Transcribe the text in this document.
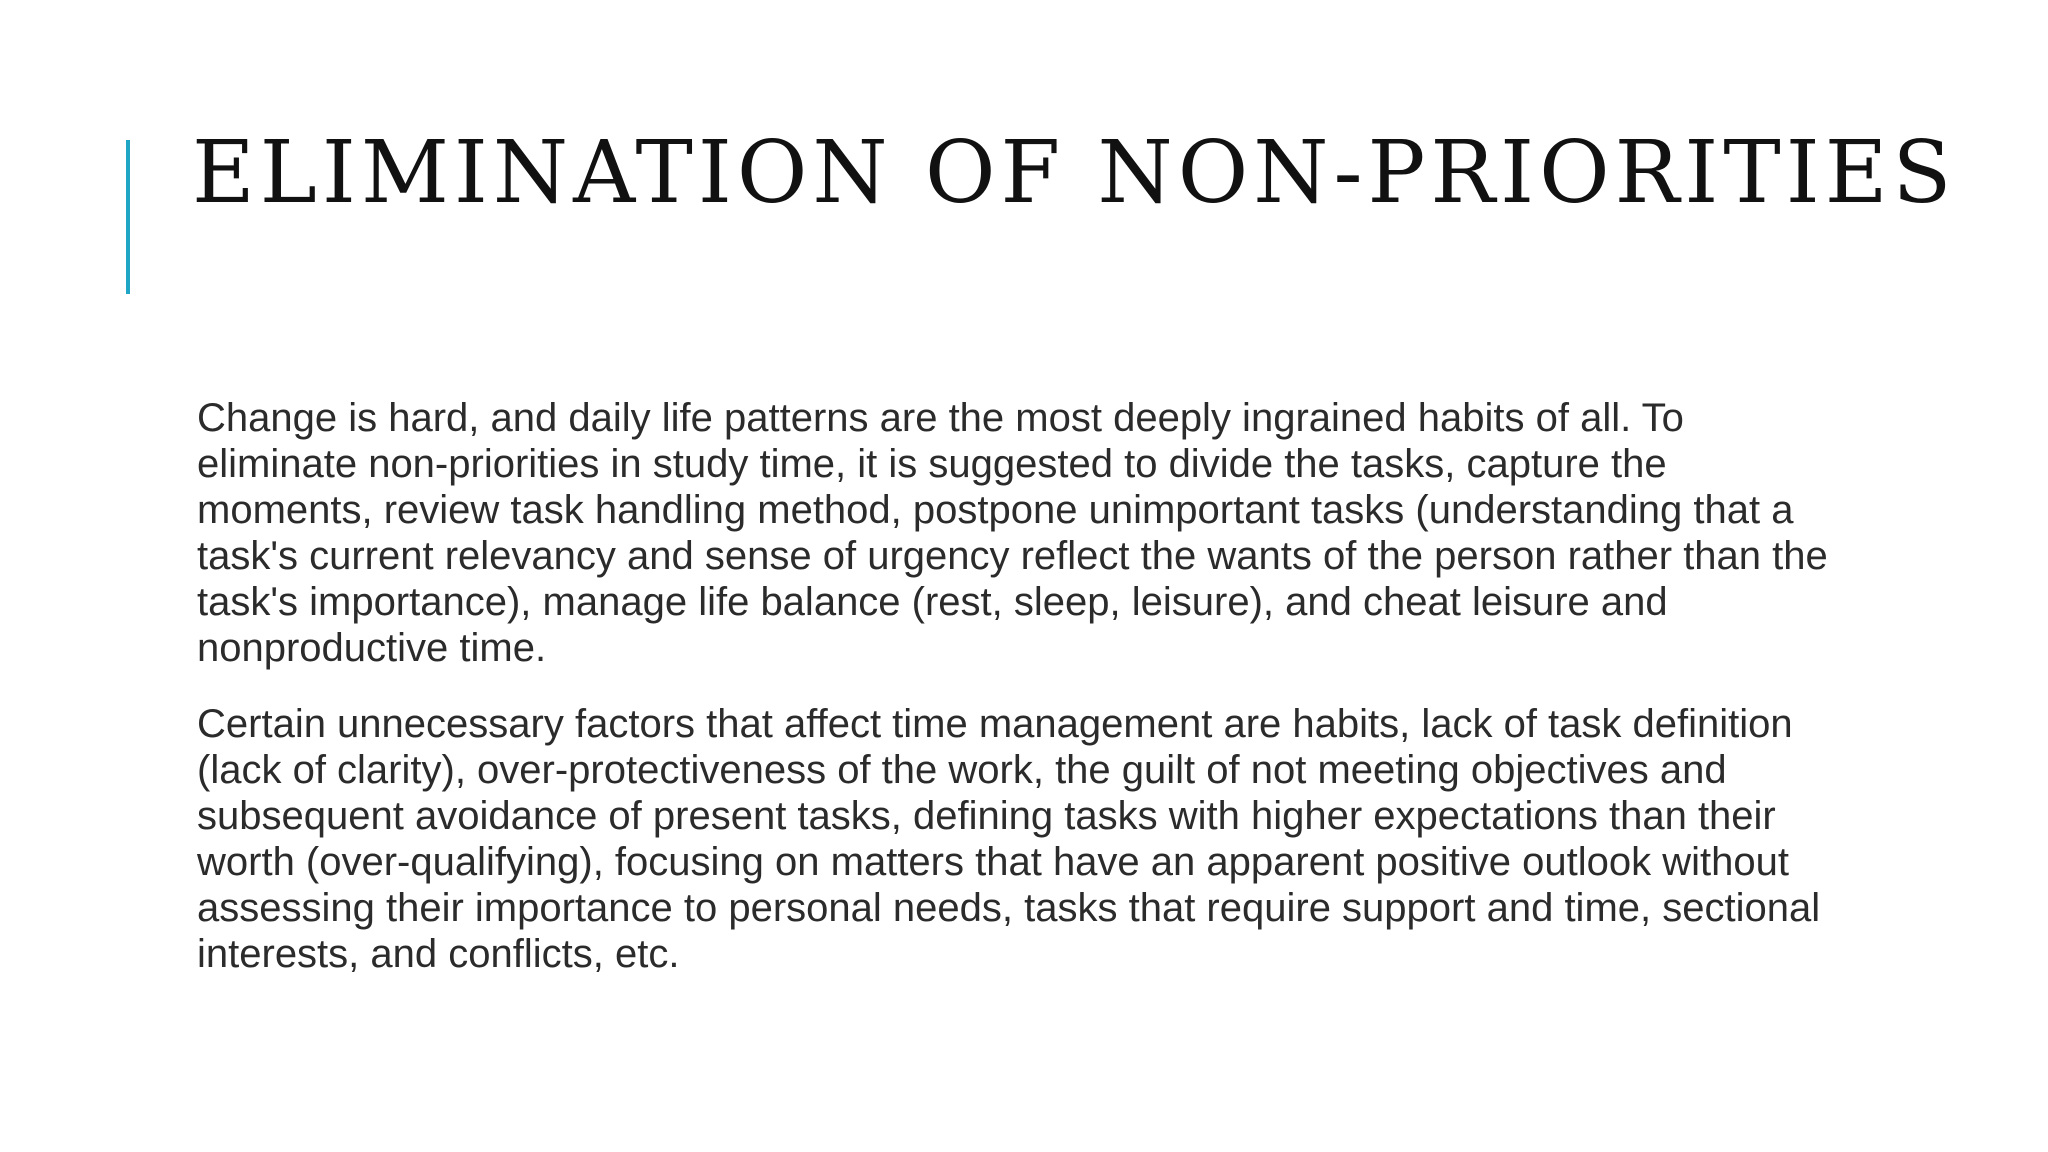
ELIMINATION OF NON-PRIORITIES

Change is hard, and daily life patterns are the most deeply ingrained habits of all. To eliminate non-priorities in study time, it is suggested to divide the tasks, capture the moments, review task handling method, postpone unimportant tasks (understanding that a task's current relevancy and sense of urgency reflect the wants of the person rather than the task's importance), manage life balance (rest, sleep, leisure), and cheat leisure and nonproductive time.

Certain unnecessary factors that affect time management are habits, lack of task definition (lack of clarity), over-protectiveness of the work, the guilt of not meeting objectives and subsequent avoidance of present tasks, defining tasks with higher expectations than their worth (over-qualifying), focusing on matters that have an apparent positive outlook without assessing their importance to personal needs, tasks that require support and time, sectional interests, and conflicts, etc.
